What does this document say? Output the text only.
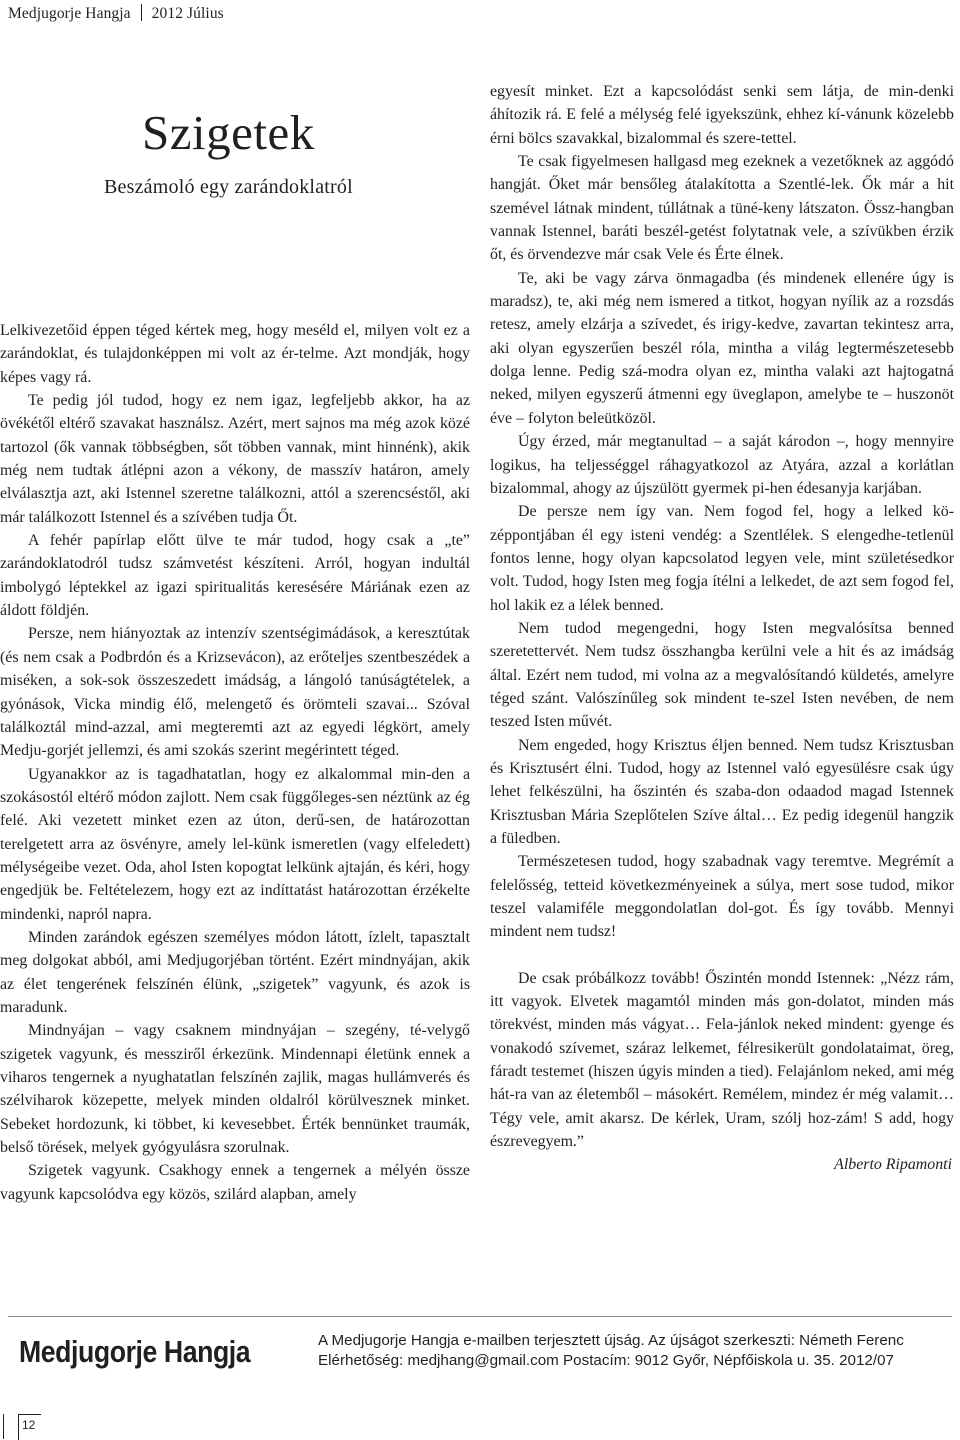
Medjugorje Hangja 2012 Július
Szigetek
Beszámoló egy zarándoklatról

Lelkivezetőid éppen téged kértek meg, hogy meséld el, milyen volt ez a zarándoklat, és tulajdonképpen mi volt az ér-telme. Azt mondják, hogy képes vagy rá.

Te pedig jól tudod, hogy ez nem igaz, legfeljebb akkor, ha az övékétől eltérő szavakat használsz. Azért, mert sajnos ma még azok közé tartozol (ők vannak többségben, sőt többen vannak, mint hinnénk), akik még nem tudtak átlépni azon a vékony, de masszív határon, amely elválasztja azt, aki Istennel szeretne találkozni, attól a szerencséstől, aki már találkozott Istennel és a szívében tudja Őt.

A fehér papírlap előtt ülve te már tudod, hogy csak a „te” zarándoklatodról tudsz számvetést készíteni. Arról, hogyan indultál imbolygó léptekkel az igazi spiritualitás keresésére Máriának ezen az áldott földjén.

Persze, nem hiányoztak az intenzív szentségimádások, a keresztútak (és nem csak a Podbrdón és a Krizsevácon), az erőteljes szentbeszédek a miséken, a sok-sok összeszedett imádság, a lángoló tanúságtételek, a gyónások, Vicka mindig élő, melengető és örömteli szavai... Szóval találkoztál mind-azzal, ami megteremti azt az egyedi légkört, amely Medju-gorjét jellemzi, és ami szokás szerint megérintett téged.

Ugyanakkor az is tagadhatatlan, hogy ez alkalommal min-den a szokásostól eltérő módon zajlott. Nem csak függőleges-sen néztünk az ég felé. Aki vezetett minket ezen az úton, derű-sen, de határozottan terelgetett arra az ösvényre, amely lel-künk ismeretlen (vagy elfeledett) mélységeibe vezet. Oda, ahol Isten kopogtat lelkünk ajtaján, és kéri, hogy engedjük be. Feltételezem, hogy ezt az indíttatást határozottan érzékelte mindenki, napról napra.

Minden zarándok egészen személyes módon látott, ízlelt, tapasztalt meg dolgokat abból, ami Medjugorjéban történt. Ezért mindnyájan, akik az élet tengerének felszínén élünk, „szigetek” vagyunk, és azok is maradunk.

Mindnyájan – vagy csaknem mindnyájan – szegény, té-velygő szigetek vagyunk, és messziről érkezünk. Mindennapi életünk ennek a viharos tengernek a nyughatatlan felszínén zajlik, magas hullámverés és szélviharok közepette, melyek minden oldalról körülvesznek minket. Sebeket hordozunk, ki többet, ki kevesebbet. Érték bennünket traumák, belső törések, melyek gyógyulásra szorulnak.

Szigetek vagyunk. Csakhogy ennek a tengernek a mélyén össze vagyunk kapcsolódva egy közös, szilárd alapban, amely

egyesít minket. Ezt a kapcsolódást senki sem látja, de min-denki áhítozik rá. E felé a mélység felé igyekszünk, ehhez kí-vánunk közelebb érni bölcs szavakkal, bizalommal és szere-tettel.

Te csak figyelmesen hallgasd meg ezeknek a vezetőknek az aggódó hangját. Őket már bensőleg átalakította a Szentlé-lek. Ők már a hit szemével látnak mindent, túllátnak a tüné-keny látszaton. Össz-hangban vannak Istennel, baráti beszél-getést folytatnak vele, a szívükben érzik őt, és örvendezve már csak Vele és Érte élnek.

Te, aki be vagy zárva önmagadba (és mindenek ellenére úgy is maradsz), te, aki még nem ismered a titkot, hogyan nyílik az a rozsdás retesz, amely elzárja a szívedet, és irigy-kedve, zavartan tekintesz arra, aki olyan egyszerűen beszél róla, mintha a világ legtermészetesebb dolga lenne. Pedig szá-modra olyan ez, mintha valaki azt hajtogatná neked, milyen egyszerű átmenni egy üveglapon, amelybe te – huszonöt éve – folyton beleütközöl.

Úgy érzed, már megtanultad – a saját károdon –, hogy mennyire logikus, ha teljességgel ráhagyatkozol az Atyára, azzal a korlátlan bizalommal, ahogy az újszülött gyermek pi-hen édesanyja karjában.

De persze nem így van. Nem fogod fel, hogy a lelked kö-zéppontjában él egy isteni vendég: a Szentlélek. S elengedhe-tetlenül fontos lenne, hogy olyan kapcsolatod legyen vele, mint születésedkor volt. Tudod, hogy Isten meg fogja ítélni a lelkedet, de azt sem fogod fel, hol lakik ez a lélek benned.

Nem tudod megengedni, hogy Isten megvalósítsa benned szeretettervét. Nem tudsz összhangba kerülni vele a hit és az imádság által. Ezért nem tudod, mi volna az a megvalósítandó küldetés, amelyre téged szánt. Valószínűleg sok mindent te-szel Isten nevében, de nem teszed Isten művét.

Nem engeded, hogy Krisztus éljen benned. Nem tudsz Krisztusban és Krisztusért élni. Tudod, hogy az Istennel való egyesülésre csak úgy lehet felkészülni, ha őszintén és szaba-don odaadod magad Istennek Krisztusban Mária Szeplőtelen Szíve által… Ez pedig idegenül hangzik a füledben.

Természetesen tudod, hogy szabadnak vagy teremtve. Megrémít a felelősség, tetteid következményeinek a súlya, mert sose tudod, mikor teszel valamiféle meggondolatlan dol-got. És így tovább. Mennyi mindent nem tudsz!

De csak próbálkozz tovább! Őszintén mondd Istennek: „Nézz rám, itt vagyok. Elvetek magamtól minden más gon-dolatot, minden más törekvést, minden más vágyat… Fela-jánlok neked mindent: gyenge és vonakodó szívemet, száraz lelkemet, félresikerült gondolataimat, öreg, fáradt testemet (hiszen úgyis minden a tied). Felajánlom neked, ami még hát-ra van az életemből – másokért. Remélem, mindez ér még valamit… Tégy vele, amit akarsz. De kérlek, Uram, szólj hoz-zám! S add, hogy észrevegyem.”

Alberto Ripamonti

Medjugorje Hangja	A Medjugorje Hangja e-mailben terjesztett újság. Az újságot szerkeszti: Németh Ferenc
Elérhetőség: medjhang@gmail.com Postacím: 9012 Győr, Népfőiskola u. 35. 2012/07
12
